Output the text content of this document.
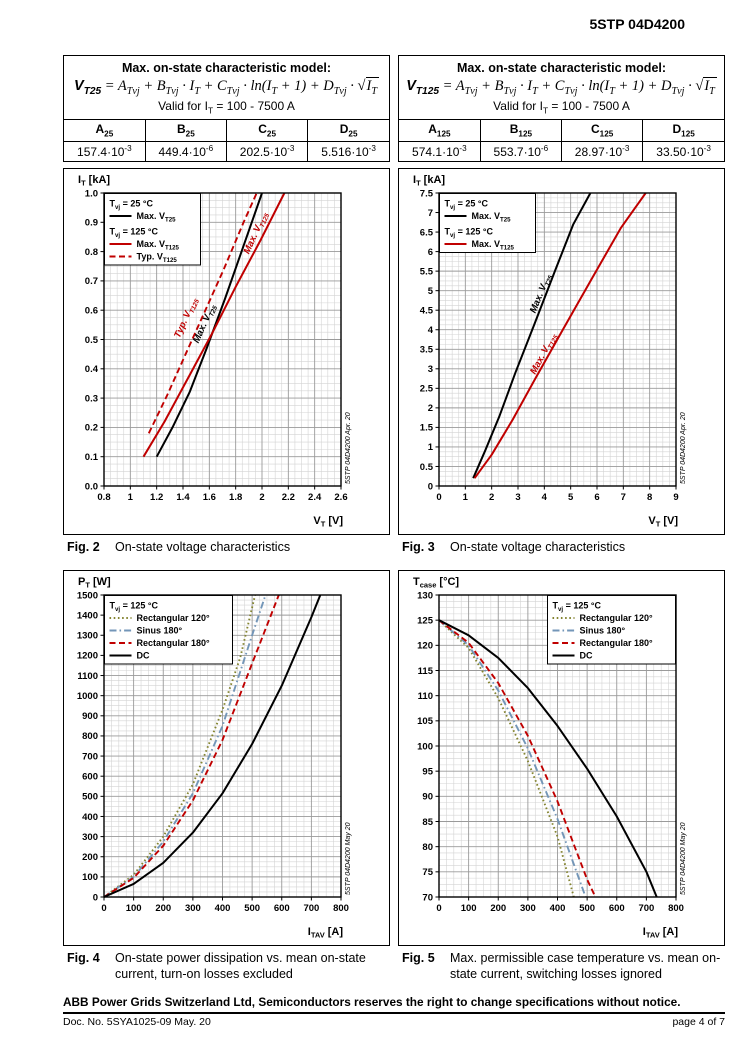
5STP 04D4200
Max. on-state characteristic model:
$V_{T25} = A_{Tvj} + B_{Tvj} \cdot I_T + C_{Tvj} \cdot \ln(I_T + 1) + D_{Tvj} \cdot √I_T$
Valid for $I_T = 100 - 7500$ A
$A_{25}$	$B_{25}$	$C_{25}$	$D_{25}$
$157.4\cdot 10^{-3}$	$449.4\cdot 10^{-6}$	$202.5\cdot 10^{-3}$	$5.516\cdot 10^{-3}$
Max. on-state characteristic model:
$V_{T125} = A_{Tvj} + B_{Tvj} \cdot I_T + C_{Tvj} \cdot \ln(I_T + 1) + D_{Tvj} \cdot √I_T$
Valid for $I_T = 100 - 7500$ A
$A_{125}$	$B_{125}$	$C_{125}$	$D_{125}$
$574.1\cdot 10^{-3}$	$553.7\cdot 10^{-6}$	$28.97\cdot 10^{-3}$	$33.50\cdot 10^{-3}$
0.8 1 1.2 1.4 1.6 1.8 2 2.2 2.4 2.6
0.0
0.1
0.2
0.3
0.4
0.5
0.6
0.7
0.8
0.9
1.0
Typ. $V_{T125}$
Max. $V_{T25}$
Max. $V_{T125}$
$T_{vj} = 25$ °C
Max. $V_{T25}$
$T_{vj} = 125$ °C
Max. $V_{T125}$
Typ. $V_{T125}$
$I_T$ [kA]
$V_T$ [V]
5STP 04D4200 Apr. 20
0 1 2 3 4 5 6 7 8 9
0
0.5
1
1.5
2
2.5
3
3.5
4
4.5
5
5.5
6
6.5
7
7.5
Max. $V_{T25}$
Max. $V_{T125}$
$T_{vj} = 25$ °C
Max. $V_{T25}$
$T_{vj} = 125$ °C
Max. $V_{T125}$
$I_T$ [kA]
$V_T$ [V]
5STP 04D4200 Apr. 20
0 100 200 300 400 500 600 700 800
0
100
200
300
400
500
600
700
800
900
1000
1100
1200
1300
1400
1500
$T_{vj} = 125$ °C
Rectangular 120°
Sinus 180°
Rectangular 180°
DC
$P_T$ [W]
$I_{TAV}$ [A]
5STP 04D4200 May 20
0 100 200 300 400 500 600 700 800
70
75
80
85
90
95
100
105
110
115
120
125
130
$T_{vj} = 125$ °C
Rectangular 120°
Sinus 180°
Rectangular 180°
DC
$T_{case}$ [°C]
$I_{TAV}$ [A]
5STP 04D4200 May 20
Fig. 2	On-state voltage characteristics	Fig. 3	On-state voltage characteristics
Fig. 4	On-state power dissipation vs. mean on-state current, turn-on losses excluded
Fig. 5	Max. permissible case temperature vs. mean on-state current, switching losses ignored
ABB Power Grids Switzerland Ltd, Semiconductors reserves the right to change specifications without notice.
Doc. No. 5SYA1025-09 May. 20	page 4 of 7
